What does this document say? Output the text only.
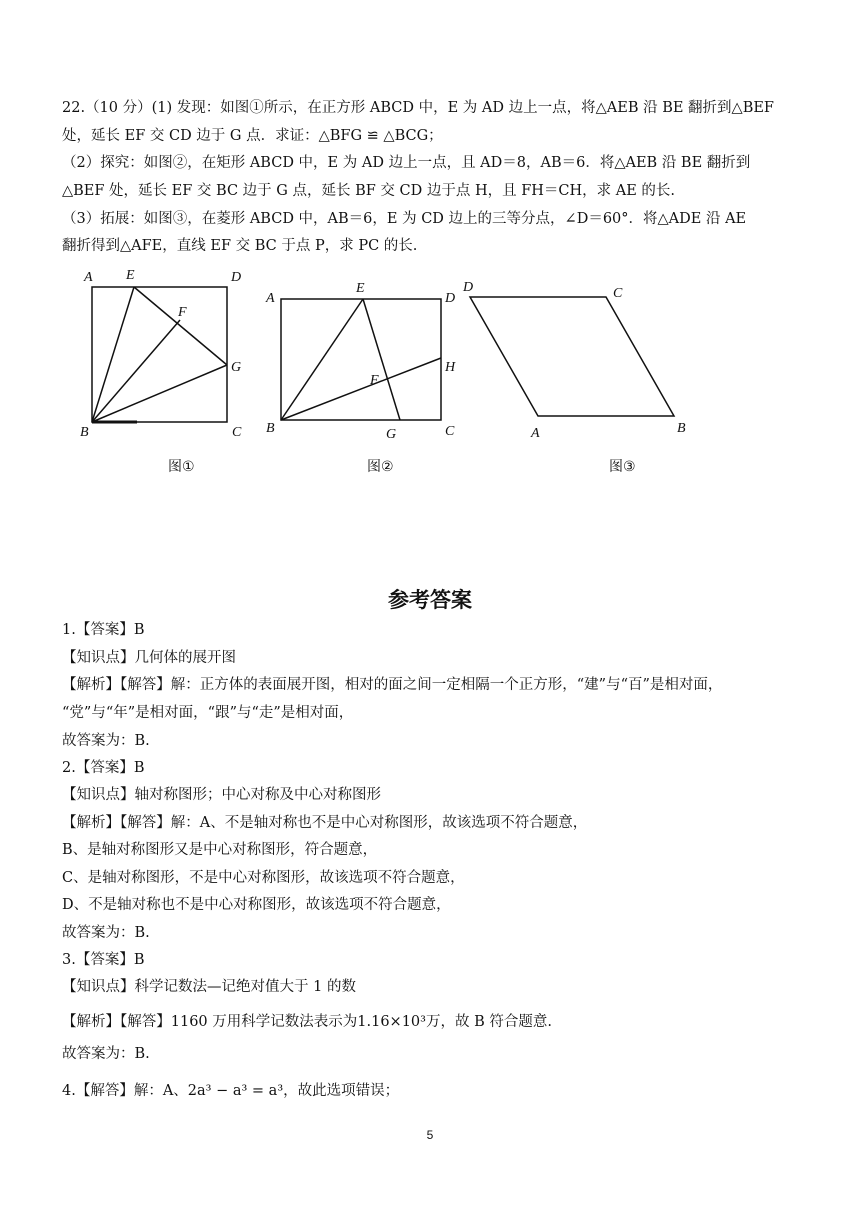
22.（10 分）(1) 发现：如图①所示，在正方形 ABCD 中，E 为 AD 边上一点，将△AEB 沿 BE 翻折到△BEF
处，延长 EF 交 CD 边于 G 点．求证：△BFG ≌ △BCG；
（2）探究：如图②，在矩形 ABCD 中，E 为 AD 边上一点，且 AD＝8，AB＝6．将△AEB 沿 BE 翻折到
△BEF 处，延长 EF 交 BC 边于 G 点，延长 BF 交 CD 边于点 H，且 FH＝CH，求 AE 的长.
（3）拓展：如图③，在菱形 ABCD 中，AB＝6，E 为 CD 边上的三等分点，∠D＝60°．将△ADE 沿 AE
翻折得到△AFE，直线 EF 交 BC 于点 P，求 PC 的长.
A E	D
F
G
B	C
A
E
D
H
F
B	G	C
D	C
A	B
图①	图②	图③
参考答案
1.【答案】B
【知识点】几何体的展开图
【解析】【解答】解：正方体的表面展开图，相对的面之间一定相隔一个正方形，“建”与“百”是相对面，
“党”与“年”是相对面，“跟”与“走”是相对面，
故答案为：B.
2.【答案】B
【知识点】轴对称图形；中心对称及中心对称图形
【解析】【解答】解：A、不是轴对称也不是中心对称图形，故该选项不符合题意，
B、是轴对称图形又是中心对称图形，符合题意，
C、是轴对称图形，不是中心对称图形，故该选项不符合题意，
D、不是轴对称也不是中心对称图形，故该选项不符合题意，
故答案为：B.
3.【答案】B
【知识点】科学记数法—记绝对值大于 1 的数
【解析】【解答】1160 万用科学记数法表示为1.16×10³万，故 B 符合题意.
故答案为：B.
4.【解答】解：A、2a³ − a³ = a³，故此选项错误；
5
